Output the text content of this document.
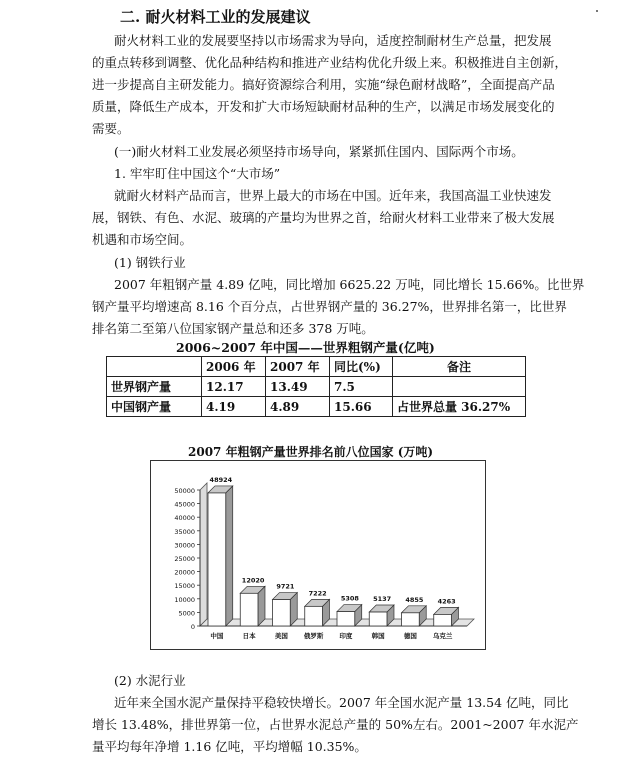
二. 耐火材料工业的发展建议
耐火材料工业的发展要坚持以市场需求为导向，适度控制耐材生产总量，把发展
的重点转移到调整、优化品种结构和推进产业结构优化升级上来。积极推进自主创新，
进一步提高自主研发能力。搞好资源综合利用，实施“绿色耐材战略”，全面提高产品
质量，降低生产成本，开发和扩大市场短缺耐材品种的生产，以满足市场发展变化的
需要。
(一)耐火材料工业发展必须坚持市场导向，紧紧抓住国内、国际两个市场。
1. 牢牢盯住中国这个“大市场”
就耐火材料产品而言，世界上最大的市场在中国。近年来，我国高温工业快速发
展，钢铁、有色、水泥、玻璃的产量均为世界之首，给耐火材料工业带来了极大发展
机遇和市场空间。
(1) 钢铁行业
2007 年粗钢产量 4.89 亿吨，同比增加 6625.22 万吨，同比增长 15.66%。比世界
钢产量平均增速高 8.16 个百分点，占世界钢产量的 36.27%，世界排名第一，比世界
排名第二至第八位国家钢产量总和还多 378 万吨。
2006~2007 年中国——世界粗钢产量(亿吨)
	2006 年	2007 年	同比(%)	备注
世界钢产量	12.17	13.49	7.5	
中国钢产量	4.19	4.89	15.66	占世界总量 36.27%
2007 年粗钢产量世界排名前八位国家 (万吨)
0
5000
10000
15000
20000
25000
30000
35000
40000
45000
50000
48924
中国
12020
日本
9721
美国
7222
俄罗斯
5308
印度
5137
韩国
4855
德国
4263
乌克兰
(2) 水泥行业
近年来全国水泥产量保持平稳较快增长。2007 年全国水泥产量 13.54 亿吨，同比
增长 13.48%，排世界第一位，占世界水泥总产量的 50%左右。2001~2007 年水泥产
量平均每年净增 1.16 亿吨，平均增幅 10.35%。
